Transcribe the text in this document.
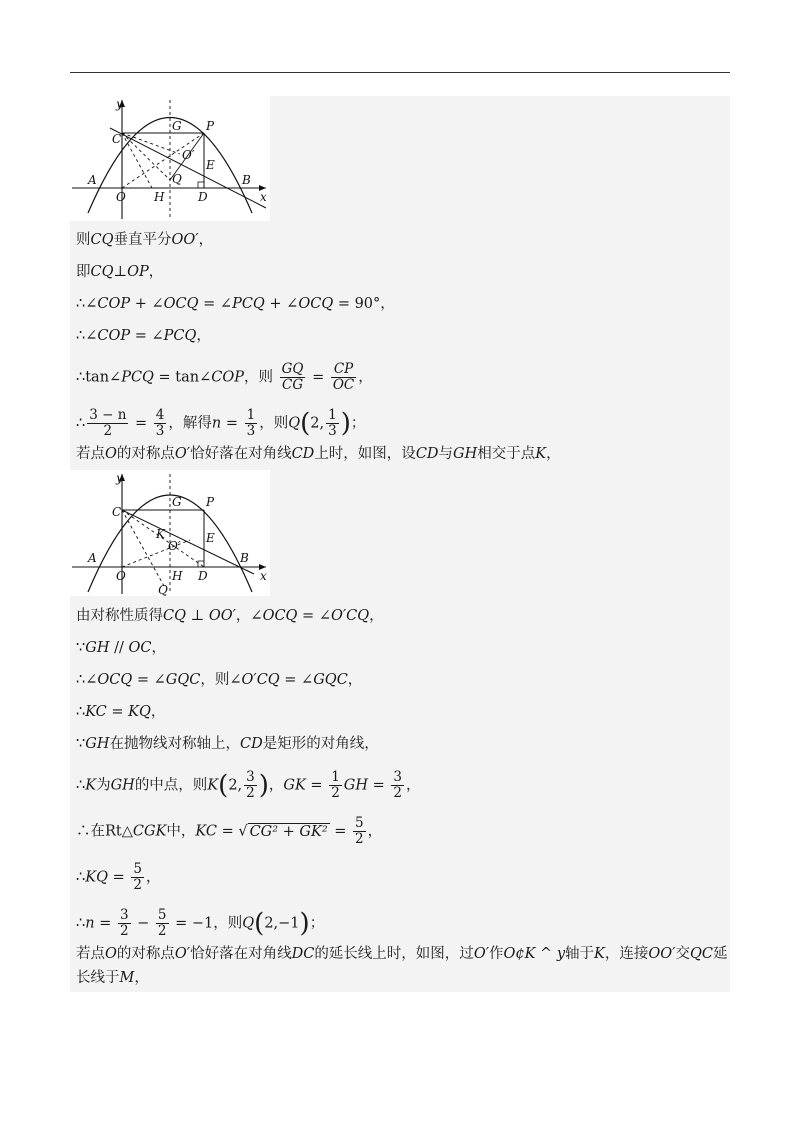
y
x
G P
C
O′
E
A	Q	B
O H	D
则CQ垂直平分OO′，
即CQ⊥OP，
∴∠COP + ∠OCQ = ∠PCQ + ∠OCQ = 90°，
∴∠COP = ∠PCQ，
∴tan∠PCQ = tan∠COP，则 $\frac{GQ}{CG} = \frac{CP}{OC}$ ，
∴ $\frac{3 - n}{2} = \frac{4}{3}$ ，解得$n = \frac{1}{3}$ ，则Q(2, $\frac{1}{3}$ )；
若点O的对称点O′恰好落在对角线CD上时，如图，设CD与GH相交于点K，
y
x
G P
C
K
O′
E
A	B
O	H D
Q
由对称性质得CQ ⊥ OO′，∠OCQ = ∠O′CQ，
∵GH // OC，
∴∠OCQ = ∠GQC，则∠O′CQ = ∠GQC，
∴KC = KQ，
∵GH在抛物线对称轴上，CD是矩形的对角线，
∴K为GH的中点，则K(2, $\frac{3}{2}$ )，GK = $\frac{1}{2}$ GH = $\frac{3}{2}$ ，
∴在Rt△CGK中，KC = √ $CG^2 + GK^2 = \frac{5}{2}$ ，
∴KQ = $\frac{5}{2}$ ，
∴n = $\frac{3}{2} - \frac{5}{2} = -1$，则Q(2,−1)；
若点O的对称点O′恰好落在对角线DC的延长线上时，如图，过O′作O¢K ^ y轴于K，连接OO′交QC延
长线于M，
